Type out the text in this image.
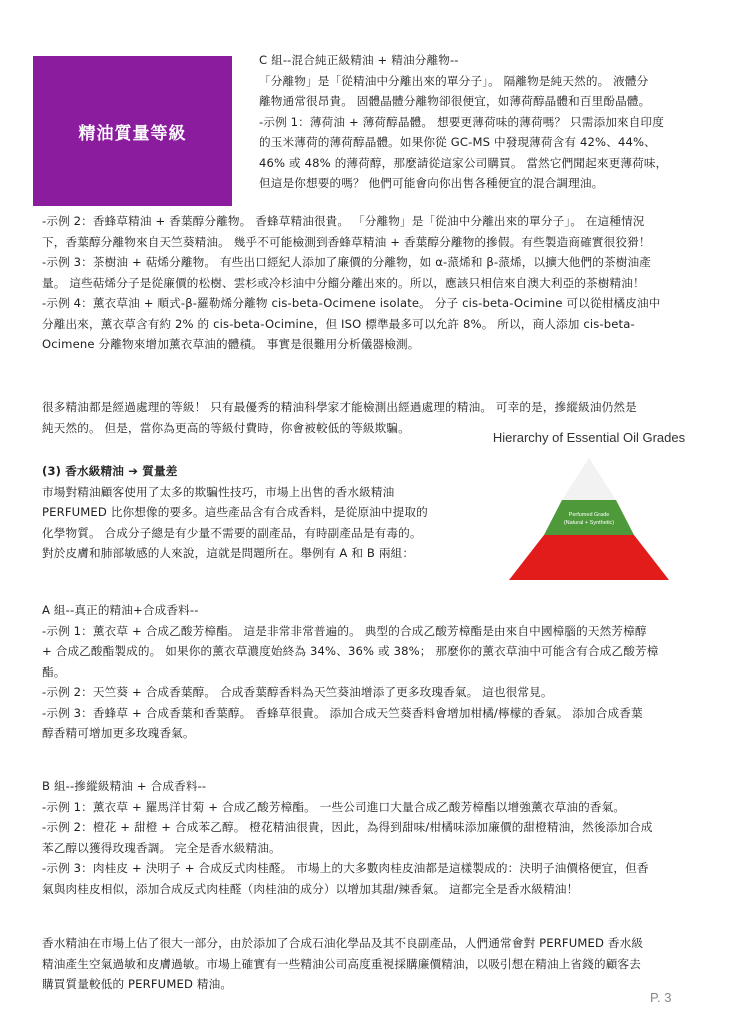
精油質量等級
C 組--混合純正級精油 + 精油分離物--
「分離物」是「從精油中分離出來的單分子」。 隔離物是純天然的。 液體分
離物通常很昂貴。 固體晶體分離物卻很便宜，如薄荷醇晶體和百里酚晶體。
-示例 1：薄荷油 + 薄荷醇晶體。 想要更薄荷味的薄荷嗎？ 只需添加來自印度
的玉米薄荷的薄荷醇晶體。如果你從 GC-MS 中發現薄荷含有 42%、44%、
46% 或 48% 的薄荷醇，那麼請從這家公司購買。 當然它們聞起來更薄荷味，
但這是你想要的嗎？ 他們可能會向你出售各種便宜的混合調理油。
-示例 2：香蜂草精油 + 香葉醇分離物。 香蜂草精油很貴。 「分離物」是「從油中分離出來的單分子」。 在這種情況
下，香葉醇分離物來自天竺葵精油。 幾乎不可能檢測到香蜂草精油 + 香葉醇分離物的摻假。有些製造商確實很狡猾！
-示例 3：茶樹油 + 萜烯分離物。 有些出口經紀人添加了廉價的分離物，如 α-蒎烯和 β-蒎烯，以擴大他們的茶樹油產
量。 這些萜烯分子是從廉價的松樹、雲杉或冷杉油中分餾分離出來的。所以，應該只相信來自澳大利亞的茶樹精油！
-示例 4：薰衣草油 + 順式-β-羅勒烯分離物 cis-beta-Ocimene isolate。 分子 cis-beta-Ocimine 可以從柑橘皮油中
分離出來，薰衣草含有約 2% 的 cis-beta-Ocimine，但 ISO 標準最多可以允許 8%。 所以，商人添加 cis-beta-
Ocimene 分離物來增加薰衣草油的體積。 事實是很難用分析儀器檢測。
很多精油都是經過處理的等級！ 只有最優秀的精油科學家才能檢測出經過處理的精油。 可幸的是，摻縱級油仍然是
純天然的。 但是，當你為更高的等級付費時，你會被較低的等級欺騙。
Hierarchy of Essential Oil Grades
Perfumed Grade
(Natural + Synthetic)
(3) 香水級精油 ➔ 質量差
市場對精油顧客使用了太多的欺騙性技巧，市場上出售的香水級精油
PERFUMED 比你想像的要多。這些產品含有合成香料，是從原油中提取的
化學物質。 合成分子總是有少量不需要的副產品，有時副產品是有毒的。
對於皮膚和肺部敏感的人來說，這就是問題所在。舉例有 A 和 B 兩組：
A 組--真正的精油+合成香料--
-示例 1：薰衣草 + 合成乙酸芳樟酯。 這是非常非常普遍的。 典型的合成乙酸芳樟酯是由來自中國樟腦的天然芳樟醇
+ 合成乙酸酯製成的。 如果你的薰衣草濃度始終為 34%、36% 或 38%； 那麼你的薰衣草油中可能含有合成乙酸芳樟
酯。
-示例 2：天竺葵 + 合成香葉醇。 合成香葉醇香料為天竺葵油增添了更多玫瑰香氣。 這也很常見。
-示例 3：香蜂草 + 合成香葉和香葉醇。 香蜂草很貴。 添加合成天竺葵香料會增加柑橘/檸檬的香氣。 添加合成香葉
醇香精可增加更多玫瑰香氣。
B 組--摻縱級精油 + 合成香料--
-示例 1：薰衣草 + 羅馬洋甘菊 + 合成乙酸芳樟酯。 一些公司進口大量合成乙酸芳樟酯以增強薰衣草油的香氣。
-示例 2：橙花 + 甜橙 + 合成苯乙醇。 橙花精油很貴，因此，為得到甜味/柑橘味添加廉價的甜橙精油，然後添加合成
苯乙醇以獲得玫瑰香調。 完全是香水級精油。
-示例 3：肉桂皮 + 決明子 + 合成反式肉桂醛。 市場上的大多數肉桂皮油都是這樣製成的：決明子油價格便宜，但香
氣與肉桂皮相似，添加合成反式肉桂醛（肉桂油的成分）以增加其甜/辣香氣。 這都完全是香水級精油！
香水精油在市場上佔了很大一部分，由於添加了合成石油化學品及其不良副產品，人們通常會對 PERFUMED 香水級
精油產生空氣過敏和皮膚過敏。市場上確實有一些精油公司高度重視採購廉價精油，以吸引想在精油上省錢的顧客去
購買質量較低的 PERFUMED 精油。
P. 3
